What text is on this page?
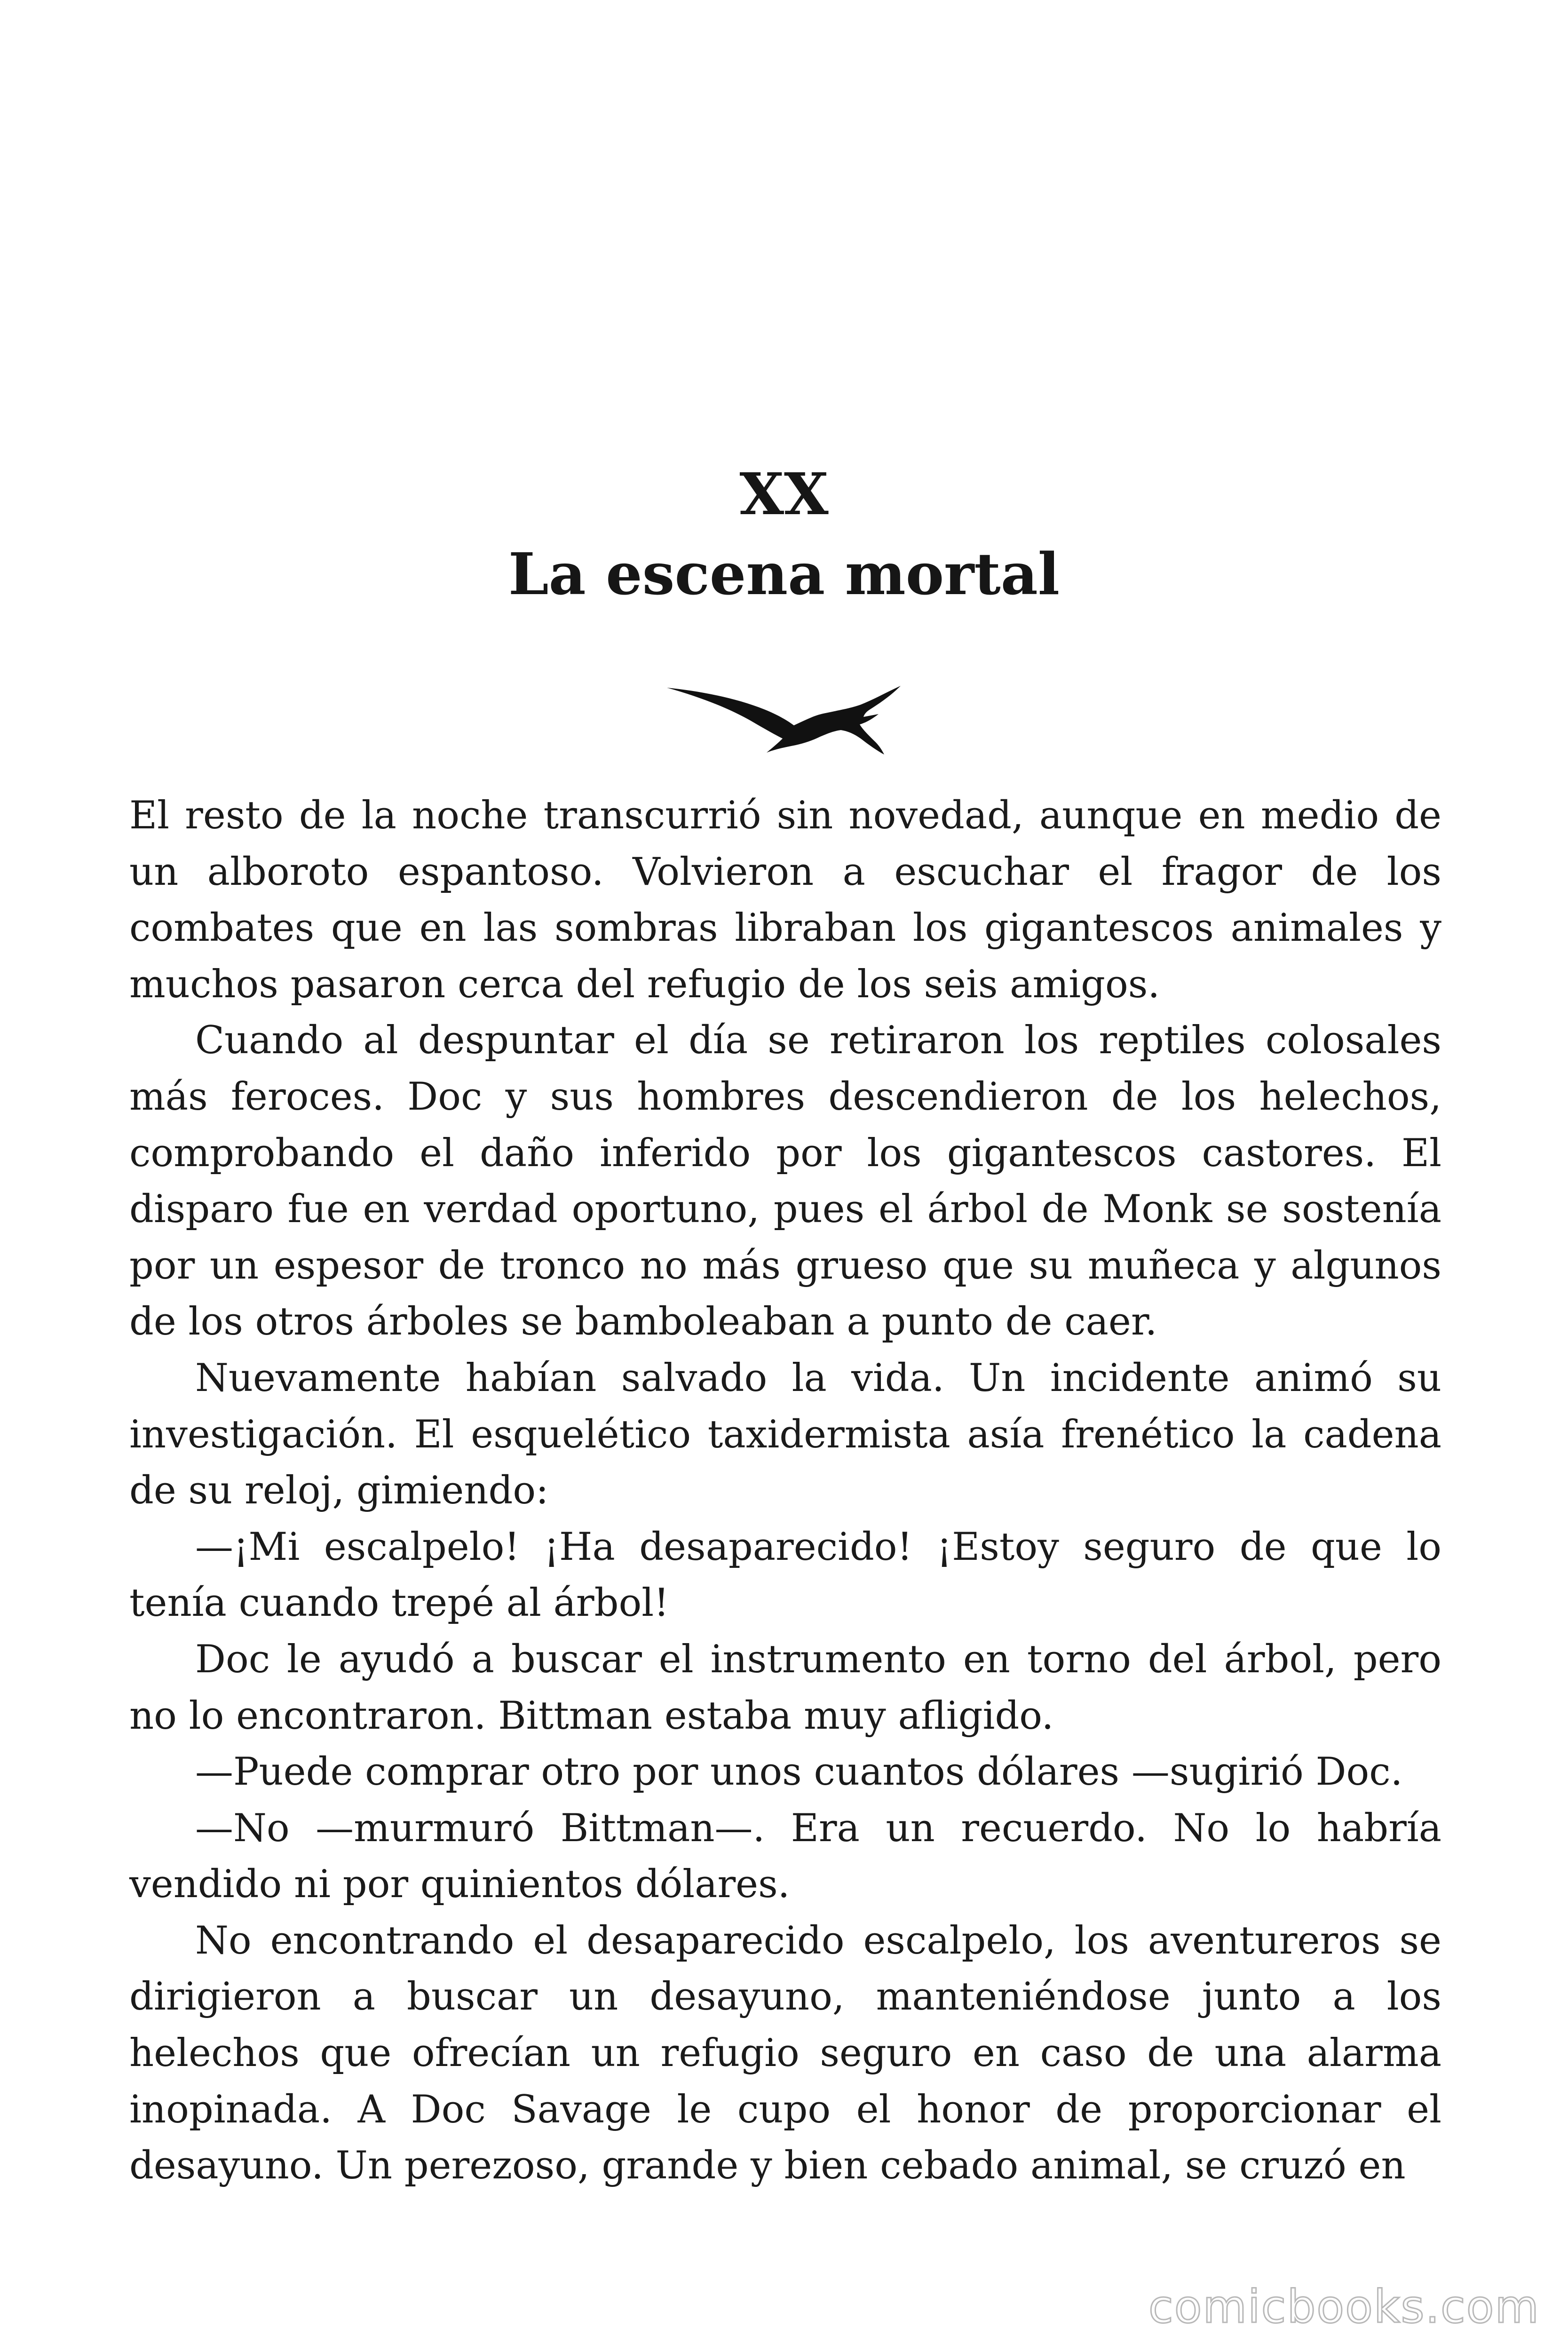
XX
La escena mortal

El resto de la noche transcurrió sin novedad, aunque en medio de un alboroto espantoso. Volvieron a escuchar el fragor de los combates que en las sombras libraban los gigantescos animales y muchos pasaron cerca del refugio de los seis amigos.

Cuando al despuntar el día se retiraron los reptiles colosales más feroces. Doc y sus hombres descendieron de los helechos, comprobando el daño inferido por los gigantescos castores. El disparo fue en verdad oportuno, pues el árbol de Monk se sostenía por un espesor de tronco no más grueso que su muñeca y algunos de los otros árboles se bamboleaban a punto de caer.

Nuevamente habían salvado la vida. Un incidente animó su investigación. El esquelético taxidermista asía frenético la cadena de su reloj, gimiendo:

—¡Mi escalpelo! ¡Ha desaparecido! ¡Estoy seguro de que lo tenía cuando trepé al árbol!

Doc le ayudó a buscar el instrumento en torno del árbol, pero no lo encontraron. Bittman estaba muy afligido.

—Puede comprar otro por unos cuantos dólares —sugirió Doc.

—No —murmuró Bittman—. Era un recuerdo. No lo habría vendido ni por quinientos dólares.

No encontrando el desaparecido escalpelo, los aventureros se dirigieron a buscar un desayuno, manteniéndose junto a los helechos que ofrecían un refugio seguro en caso de una alarma inopinada. A Doc Savage le cupo el honor de proporcionar el desayuno. Un perezoso, grande y bien cebado animal, se cruzó en

comicbooks.com
